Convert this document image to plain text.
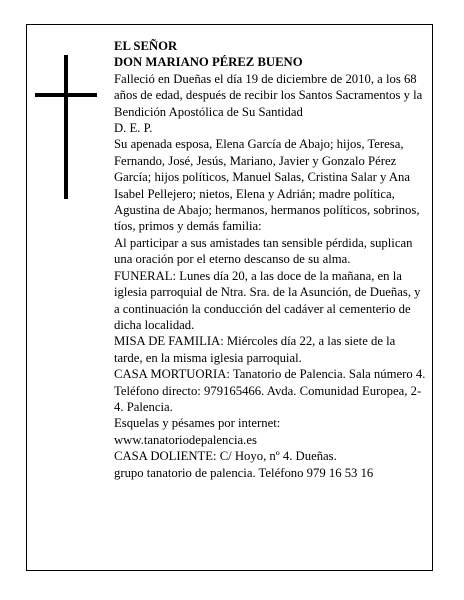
EL SEÑOR

DON MARIANO PÉREZ BUENO

Falleció en Dueñas el día 19 de diciembre de 2010, a los 68 años de edad, después de recibir los Santos Sacramentos y la Bendición Apostólica de Su Santidad

D. E. P.

Su apenada esposa, Elena García de Abajo; hijos, Teresa, Fernando, José, Jesús, Mariano, Javier y Gonzalo Pérez García; hijos políticos, Manuel Salas, Cristina Salar y Ana Isabel Pellejero; nietos, Elena y Adrián; madre política, Agustina de Abajo; hermanos, hermanos políticos, sobrinos, tíos, primos y demás familia:

Al participar a sus amistades tan sensible pérdida, suplican una oración por el eterno descanso de su alma.

FUNERAL: Lunes día 20, a las doce de la mañana, en la iglesia parroquial de Ntra. Sra. de la Asunción, de Dueñas, y a continuación la conducción del cadáver al cementerio de dicha localidad.

MISA DE FAMILIA: Miércoles día 22, a las siete de la tarde, en la misma iglesia parroquial.

CASA MORTUORIA: Tanatorio de Palencia. Sala número 4. Teléfono directo: 979165466. Avda. Comunidad Europea, 2-4. Palencia.

Esquelas y pésames por internet:

www.tanatoriodepalencia.es

CASA DOLIENTE: C/ Hoyo, nº 4. Dueñas.

grupo tanatorio de palencia. Teléfono 979 16 53 16
